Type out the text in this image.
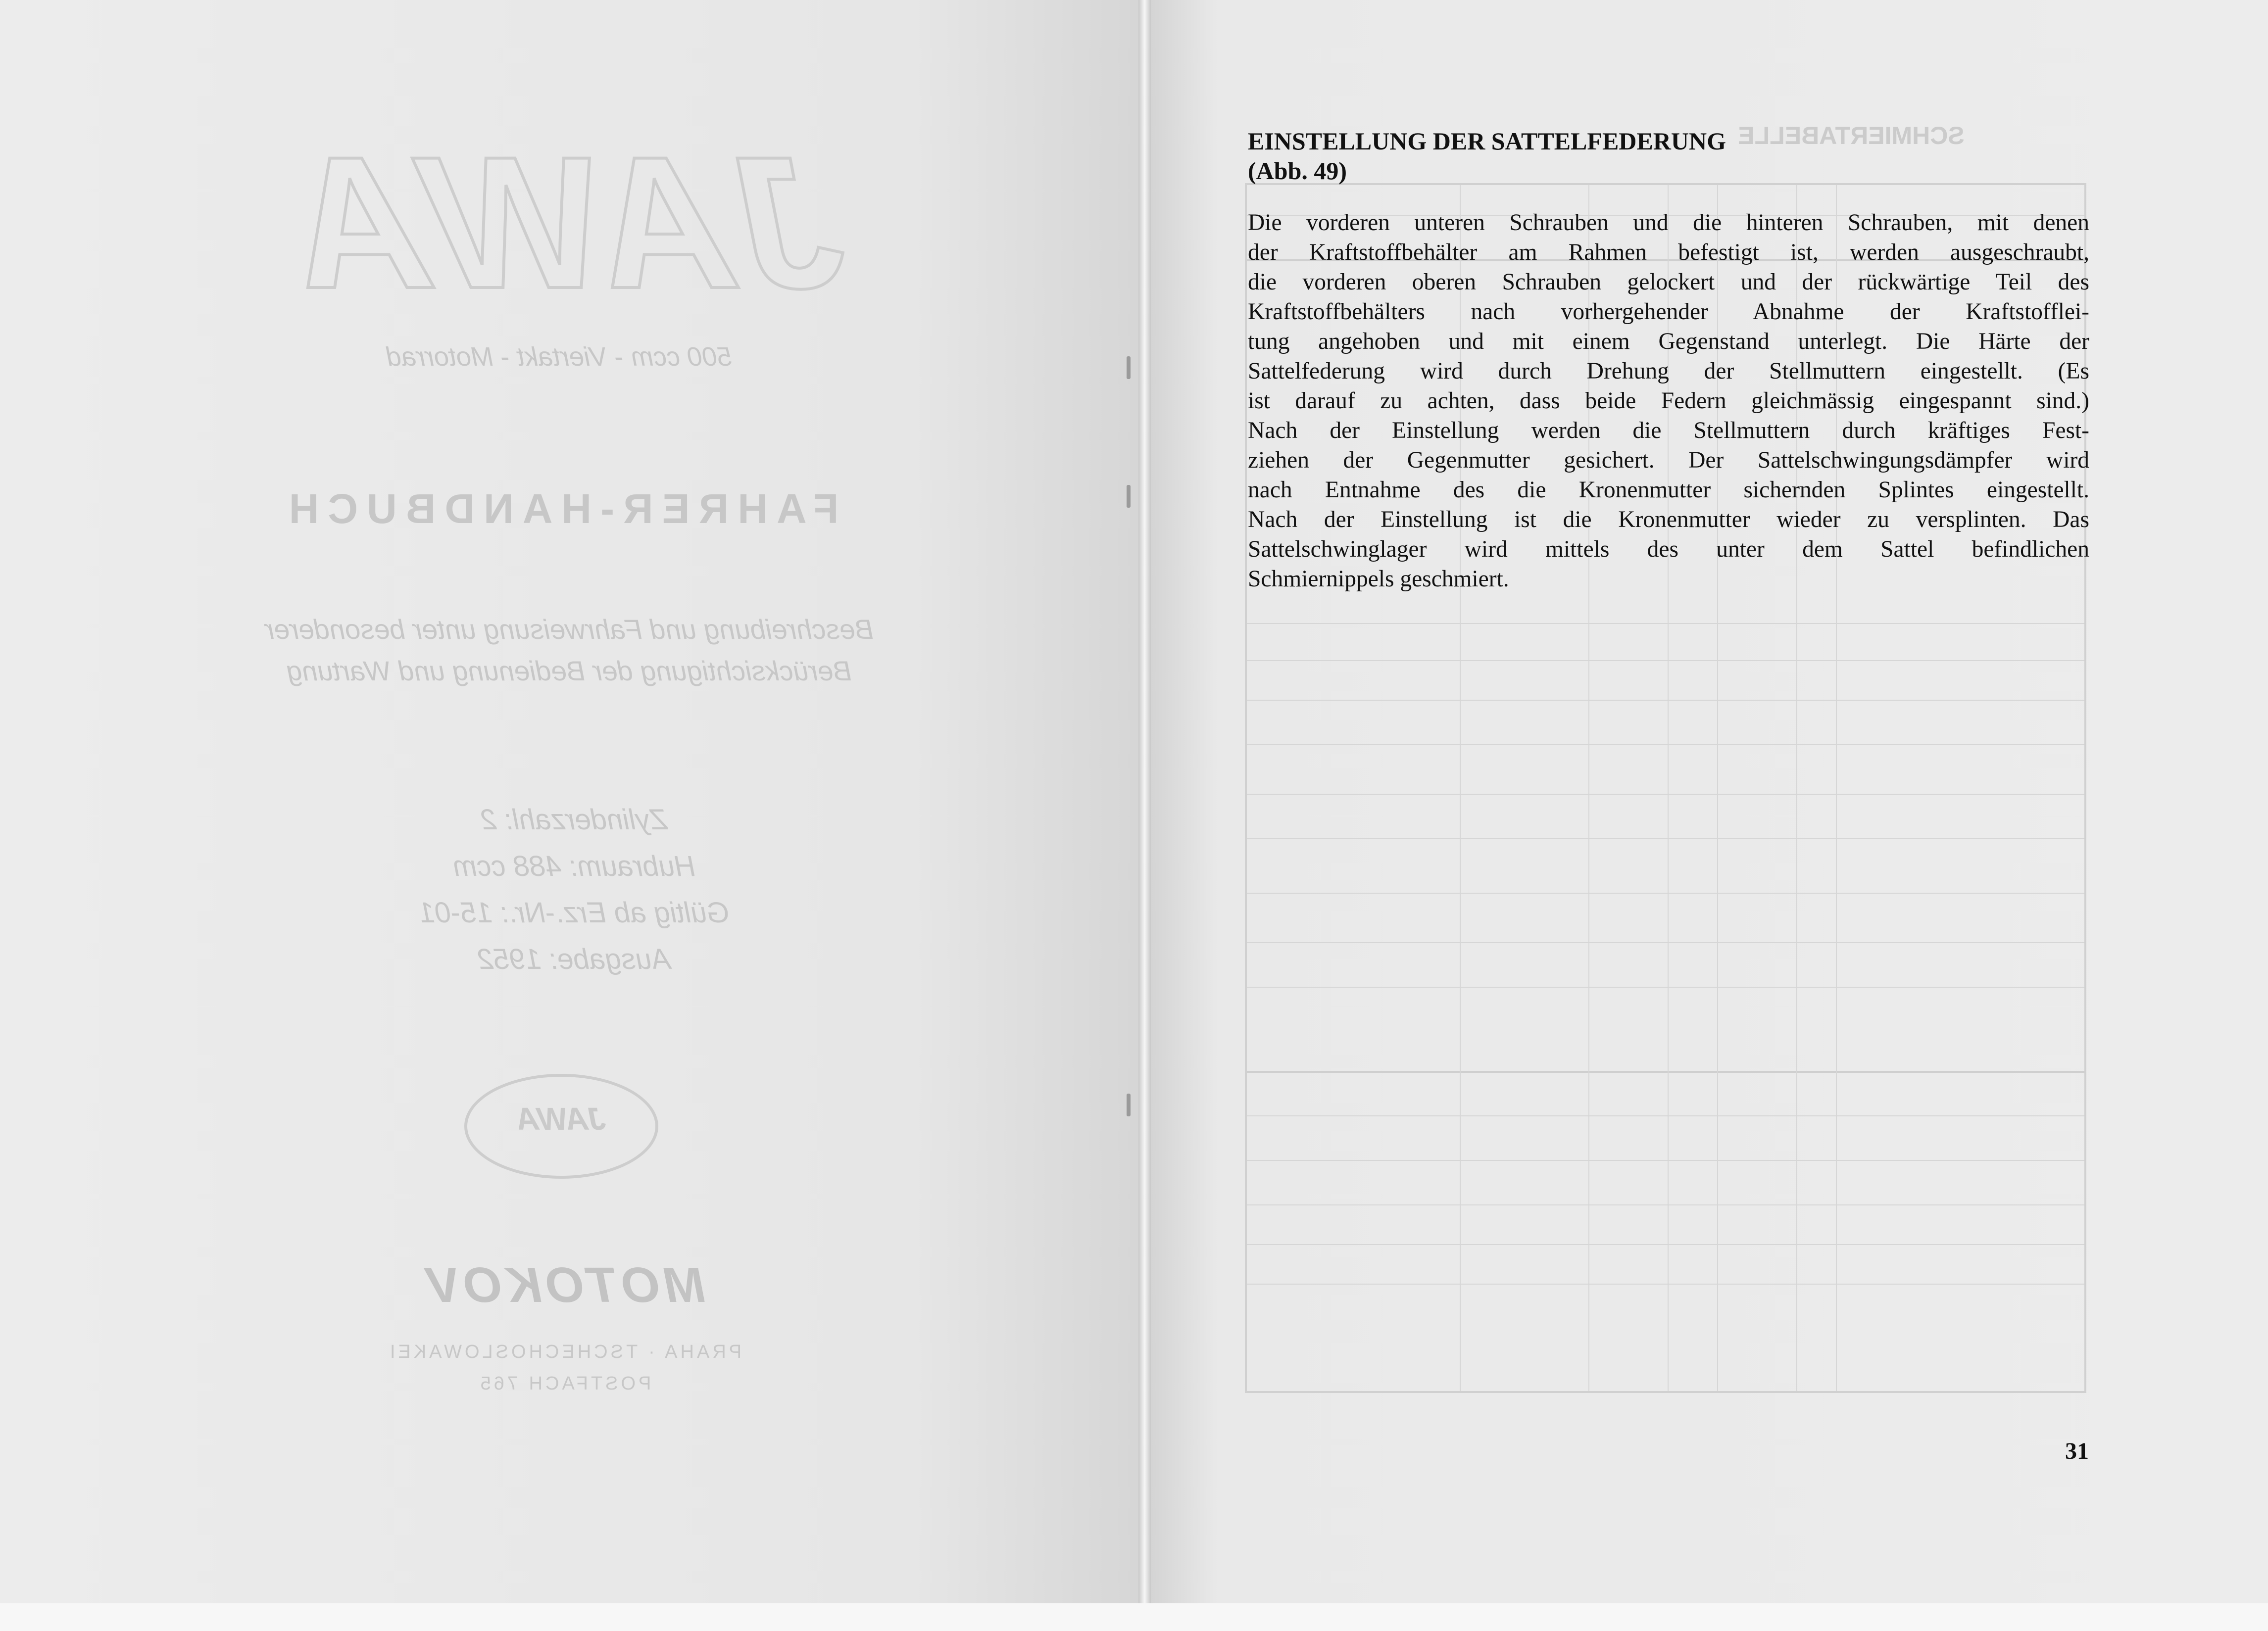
JAWA
500 ccm - Viertakt - Motorrad
FAHRER-HANDBUCH
Beschreibung und Fahrweisung unter besonderer
Berücksichtigung der Bedienung und Wartung
Zylinderzahl: 2
Hubraum: 488 ccm
Gültig ab Erz.-Nr.: 15-01
Ausgabe: 1952
JAWA
MOTOKOV
PRAHA · TSCHECHOSLOWAKEI
POSTFACH 765
SCHMIERTABELLE
EINSTELLUNG DER SATTELFEDERUNG
(Abb. 49)

Die vorderen unteren Schrauben und die hinteren Schrauben, mit denen
der Kraftstoffbehälter am Rahmen befestigt ist, werden ausgeschraubt,
die vorderen oberen Schrauben gelockert und der rückwärtige Teil des
Kraftstoffbehälters nach vorhergehender Abnahme der Kraftstofflei-
tung angehoben und mit einem Gegenstand unterlegt. Die Härte der
Sattelfederung wird durch Drehung der Stellmuttern eingestellt. (Es
ist darauf zu achten, dass beide Federn gleichmässig eingespannt sind.)
Nach der Einstellung werden die Stellmuttern durch kräftiges Fest-
ziehen der Gegenmutter gesichert. Der Sattelschwingungsdämpfer wird
nach Entnahme des die Kronenmutter sichernden Splintes eingestellt.
Nach der Einstellung ist die Kronenmutter wieder zu versplinten. Das
Sattelschwinglager wird mittels des unter dem Sattel befindlichen
Schmiernippels geschmiert.

31
